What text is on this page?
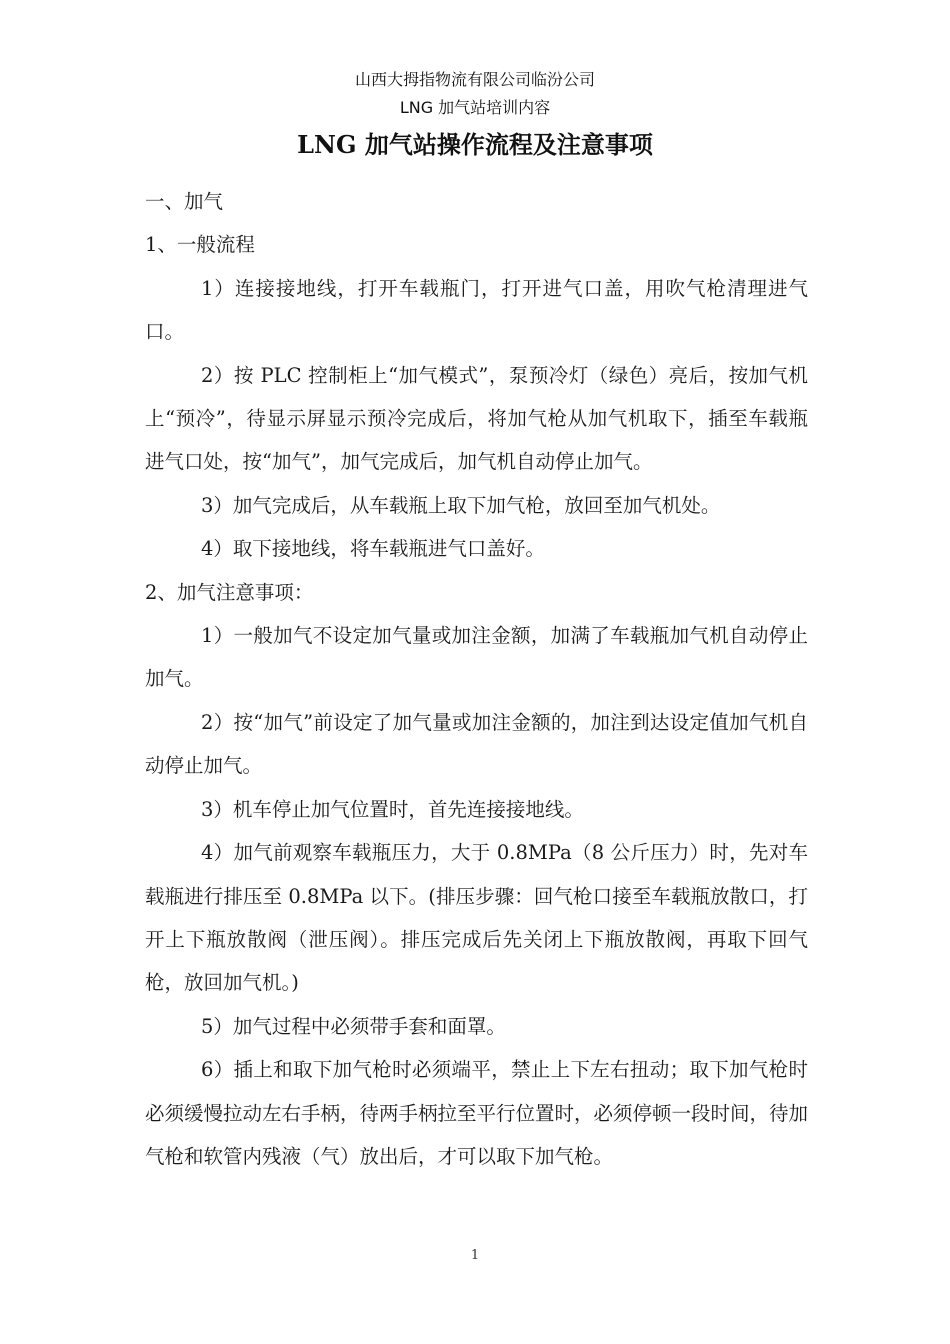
山西大拇指物流有限公司临汾公司
LNG 加气站培训内容
LNG 加气站操作流程及注意事项

一、加气

1、一般流程

1）连接接地线，打开车载瓶门，打开进气口盖，用吹气枪清理进气口。

2）按 PLC 控制柜上“加气模式”，泵预冷灯（绿色）亮后，按加气机上“预冷”，待显示屏显示预冷完成后，将加气枪从加气机取下，插至车载瓶进气口处，按“加气”，加气完成后，加气机自动停止加气。

3）加气完成后，从车载瓶上取下加气枪，放回至加气机处。

4）取下接地线，将车载瓶进气口盖好。

2、加气注意事项：

1）一般加气不设定加气量或加注金额，加满了车载瓶加气机自动停止加气。

2）按“加气”前设定了加气量或加注金额的，加注到达设定值加气机自动停止加气。

3）机车停止加气位置时，首先连接接地线。

4）加气前观察车载瓶压力，大于 0.8MPa（8 公斤压力）时，先对车载瓶进行排压至 0.8MPa 以下。(排压步骤：回气枪口接至车载瓶放散口，打开上下瓶放散阀（泄压阀）。排压完成后先关闭上下瓶放散阀，再取下回气枪，放回加气机。)

5）加气过程中必须带手套和面罩。

6）插上和取下加气枪时必须端平，禁止上下左右扭动；取下加气枪时必须缓慢拉动左右手柄，待两手柄拉至平行位置时，必须停顿一段时间，待加气枪和软管内残液（气）放出后，才可以取下加气枪。

1
